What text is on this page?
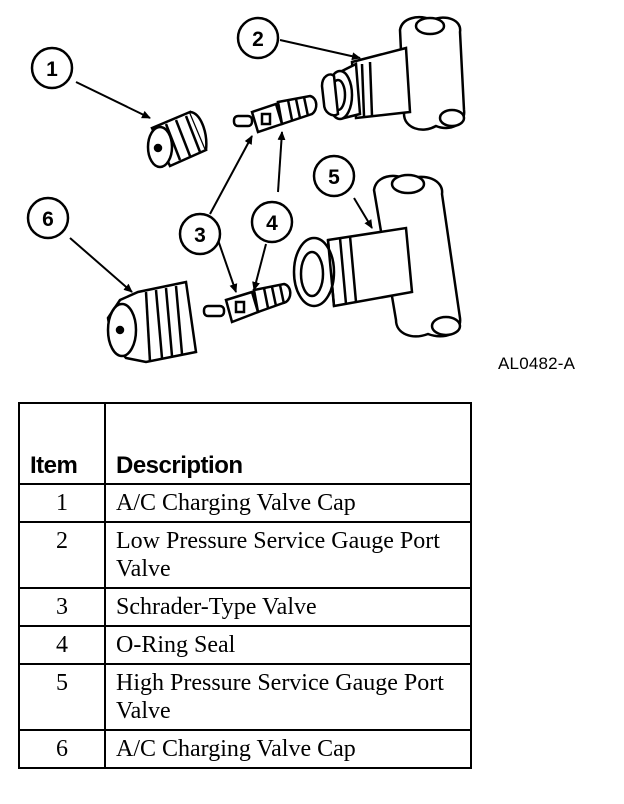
1
2
3
4
5
6
AL0482-A
Item	Description
1	A/C Charging Valve Cap
2	Low Pressure Service Gauge Port Valve
3	Schrader-Type Valve
4	O-Ring Seal
5	High Pressure Service Gauge Port Valve
6	A/C Charging Valve Cap
